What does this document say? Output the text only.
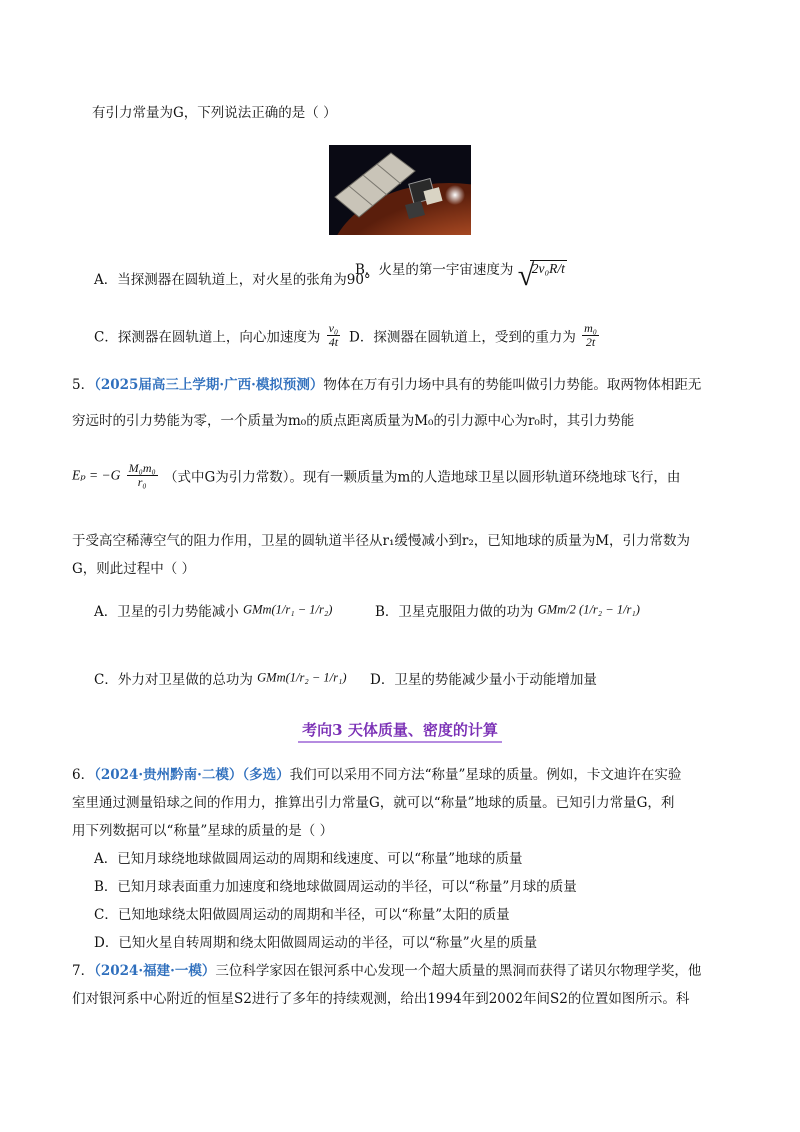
有引力常量为G，下列说法正确的是（ ）
A．当探测器在圆轨道上，对火星的张角为90°
B．火星的第一宇宙速度为 √
2v₀R/t
C．探测器在圆轨道上，向心加速度为 $\frac{\text{v₀}}{4t}$ D．探测器在圆轨道上，受到的重力为 $\frac{\text{m₀}}{2t}$
5．（2025届高三上学期·广西·模拟预测）物体在万有引力场中具有的势能叫做引力势能。取两物体相距无
穷远时的引力势能为零，一个质量为m₀的质点距离质量为M₀的引力源中心为r₀时，其引力势能
$E_p = -G \frac{\text{M₀m₀}}{\text{r₀}}$ （式中G为引力常数）。现有一颗质量为m的人造地球卫星以圆形轨道环绕地球飞行，由
于受高空稀薄空气的阻力作用，卫星的圆轨道半径从r₁缓慢减小到r₂，已知地球的质量为M，引力常数为
G，则此过程中（ ）
A．卫星的引力势能减小 GMm(1/r₁ − 1/r₂)	B．卫星克服阻力做的功为 GMm/2 (1/r₂ − 1/r₁)
C．外力对卫星做的总功为 GMm(1/r₂ − 1/r₁) D．卫星的势能减少量小于动能增加量
考向3 天体质量、密度的计算
6．（2024·贵州黔南·二模）（多选）我们可以采用不同方法“称量”星球的质量。例如，卡文迪许在实验
室里通过测量铅球之间的作用力，推算出引力常量G，就可以“称量”地球的质量。已知引力常量G，利
用下列数据可以“称量”星球的质量的是（ ）
A．已知月球绕地球做圆周运动的周期和线速度、可以“称量”地球的质量
B．已知月球表面重力加速度和绕地球做圆周运动的半径，可以“称量”月球的质量
C．已知地球绕太阳做圆周运动的周期和半径，可以“称量”太阳的质量
D．已知火星自转周期和绕太阳做圆周运动的半径，可以“称量”火星的质量
7．（2024·福建·一模）三位科学家因在银河系中心发现一个超大质量的黑洞而获得了诺贝尔物理学奖，他
们对银河系中心附近的恒星S2进行了多年的持续观测，给出1994年到2002年间S2的位置如图所示。科
